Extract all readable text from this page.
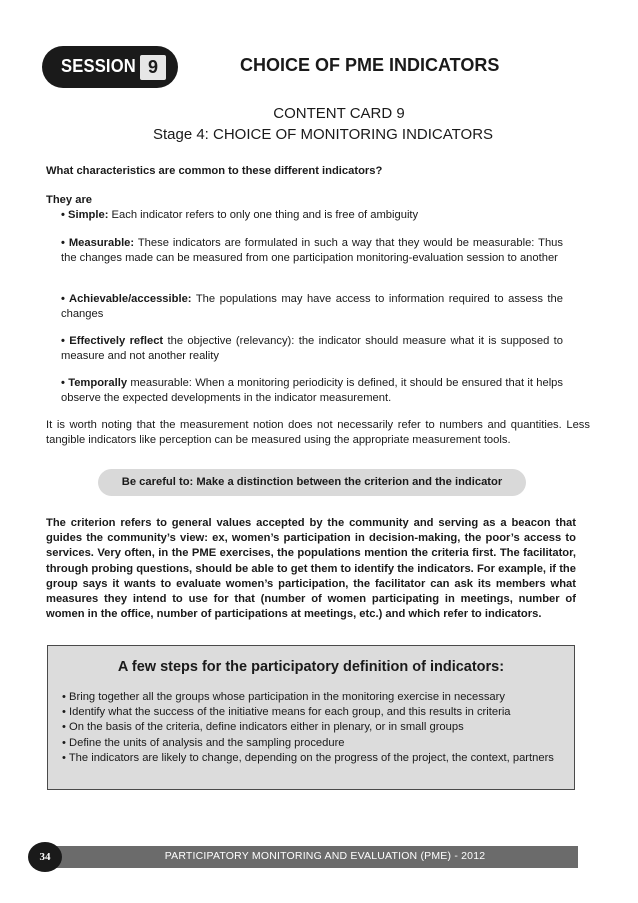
SESSION 9	CHOICE OF PME INDICATORS
CONTENT CARD 9
Stage 4: CHOICE OF MONITORING INDICATORS
What characteristics are common to these different indicators?
They are
• Simple: Each indicator refers to only one thing and is free of ambiguity
• Measurable: These indicators are formulated in such a way that they would be measurable: Thus the changes made can be measured from one participation monitoring-evaluation session to another
• Achievable/accessible: The populations may have access to information required to assess the changes
• Effectively reflect the objective (relevancy): the indicator should measure what it is supposed to measure and not another reality
• Temporally measurable: When a monitoring periodicity is defined, it should be ensured that it helps observe the expected developments in the indicator measurement.
It is worth noting that the measurement notion does not necessarily refer to numbers and quantities. Less tangible indicators like perception can be measured using the appropriate measurement tools.
Be careful to: Make a distinction between the criterion and the indicator
The criterion refers to general values accepted by the community and serving as a beacon that guides the community’s view: ex, women’s participation in decision-making, the poor’s access to services. Very often, in the PME exercises, the populations mention the criteria first. The facilitator, through probing questions, should be able to get them to identify the indicators. For example, if the group says it wants to evaluate women’s participation, the facilitator can ask its members what measures they intend to use for that (number of women participating in meetings, number of women in the office, number of participations at meetings, etc.) and which refer to indicators.
A few steps for the participatory definition of indicators:
• Bring together all the groups whose participation in the monitoring exercise in necessary
• Identify what the success of the initiative means for each group, and this results in criteria
• On the basis of the criteria, define indicators either in plenary, or in small groups
• Define the units of analysis and the sampling procedure
• The indicators are likely to change, depending on the progress of the project, the context, partners
34	PARTICIPATORY MONITORING AND EVALUATION (PME) - 2012
